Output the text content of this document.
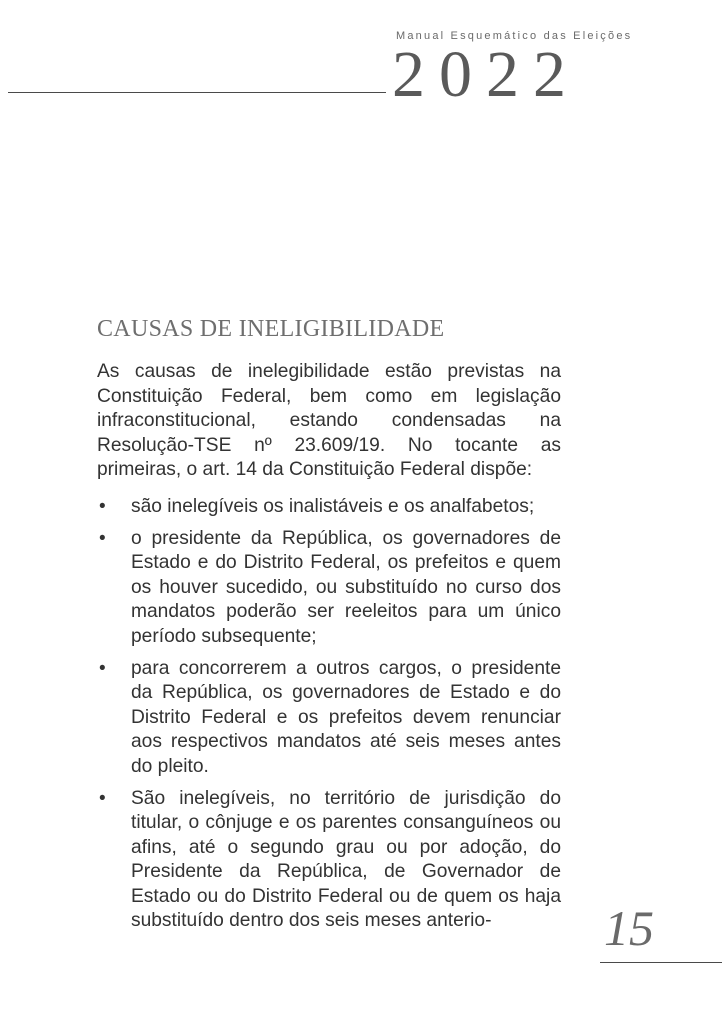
Manual Esquemático das Eleições
2022
CAUSAS DE INELIGIBILIDADE

As causas de inelegibilidade estão previstas na Constituição Federal, bem como em legislação infraconstitucional, estando condensadas na Resolução-TSE nº 23.609/19. No tocante as primeiras, o art. 14 da Constituição Federal dispõe:

• são inelegíveis os inalistáveis e os analfabetos;
• o presidente da República, os governadores de Estado e do Distrito Federal, os prefeitos e quem os houver sucedido, ou substituído no curso dos mandatos poderão ser reeleitos para um único período subsequente;
• para concorrerem a outros cargos, o presidente da República, os governadores de Estado e do Distrito Federal e os prefeitos devem renunciar aos respectivos mandatos até seis meses antes do pleito.
• São inelegíveis, no território de jurisdição do titular, o cônjuge e os parentes consanguíneos ou afins, até o segundo grau ou por adoção, do Presidente da República, de Governador de Estado ou do Distrito Federal ou de quem os haja substituído dentro dos seis meses anterio-	15
